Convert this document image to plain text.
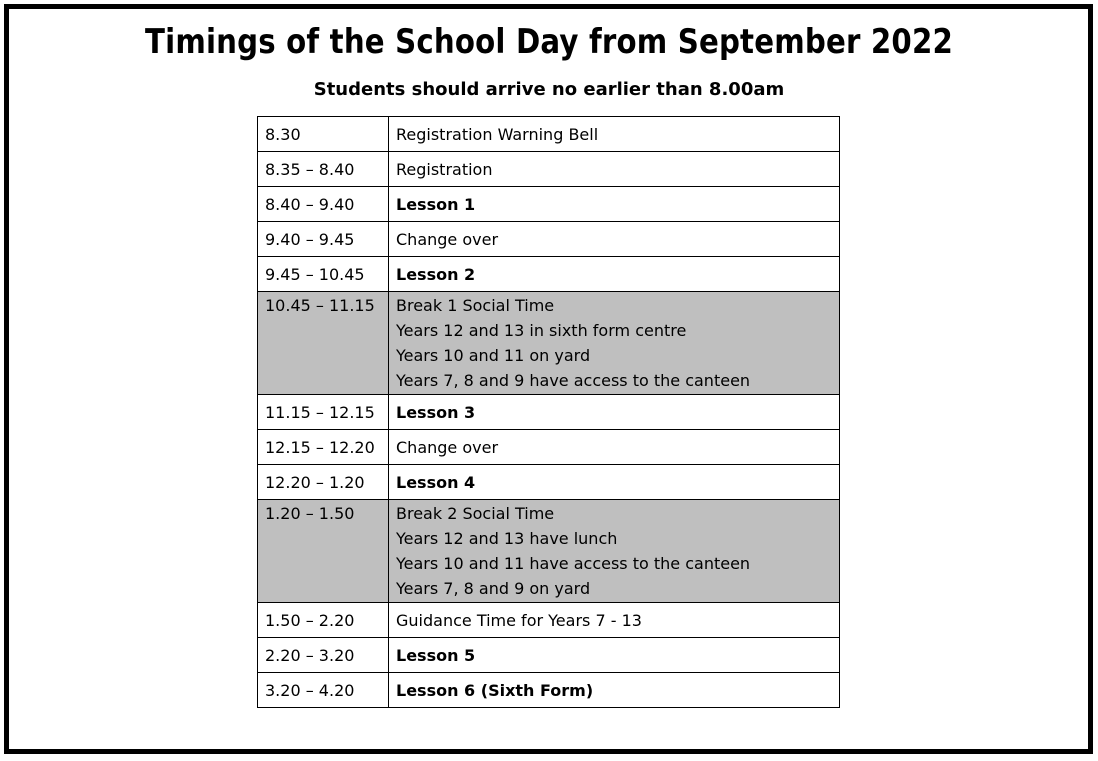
Timings of the School Day from September 2022
Students should arrive no earlier than 8.00am
8.30	Registration Warning Bell
8.35 – 8.40	Registration
8.40 – 9.40	Lesson 1
9.40 – 9.45	Change over
9.45 – 10.45	Lesson 2
10.45 – 11.15	Break 1 Social Time
Years 12 and 13 in sixth form centre
Years 10 and 11 on yard
Years 7, 8 and 9 have access to the canteen

11.15 – 12.15	Lesson 3
12.15 – 12.20	Change over
12.20 – 1.20	Lesson 4
1.20 – 1.50	Break 2 Social Time
Years 12 and 13 have lunch
Years 10 and 11 have access to the canteen
Years 7, 8 and 9 on yard

1.50 – 2.20	Guidance Time for Years 7 - 13
2.20 – 3.20	Lesson 5
3.20 – 4.20	Lesson 6 (Sixth Form)
